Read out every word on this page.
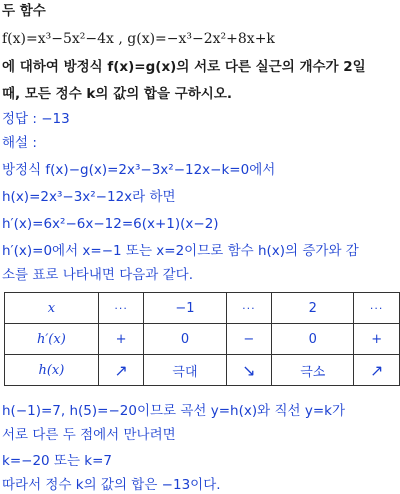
두 함수
f(x)=x³−5x²−4x , g(x)=−x³−2x²+8x+k
에 대하여 방정식 f(x)=g(x)의 서로 다른 실근의 개수가 2일
때, 모든 정수 k의 값의 합을 구하시오.
정답 : −13
해설 :
방정식 f(x)−g(x)=2x³−3x²−12x−k=0에서
h(x)=2x³−3x²−12x라 하면
h′(x)=6x²−6x−12=6(x+1)(x−2)
h′(x)=0에서 x=−1 또는 x=2이므로 함수 h(x)의 증가와 감
소를 표로 나타내면 다음과 같다.
x	···	−1	···	2	···
h′(x)	+	0	−	0	+
h(x)	↗	극대	↘	극소	↗
h(−1)=7, h(5)=−20이므로 곡선 y=h(x)와 직선 y=k가
서로 다른 두 점에서 만나려면
k=−20 또는 k=7
따라서 정수 k의 값의 합은 −13이다.
